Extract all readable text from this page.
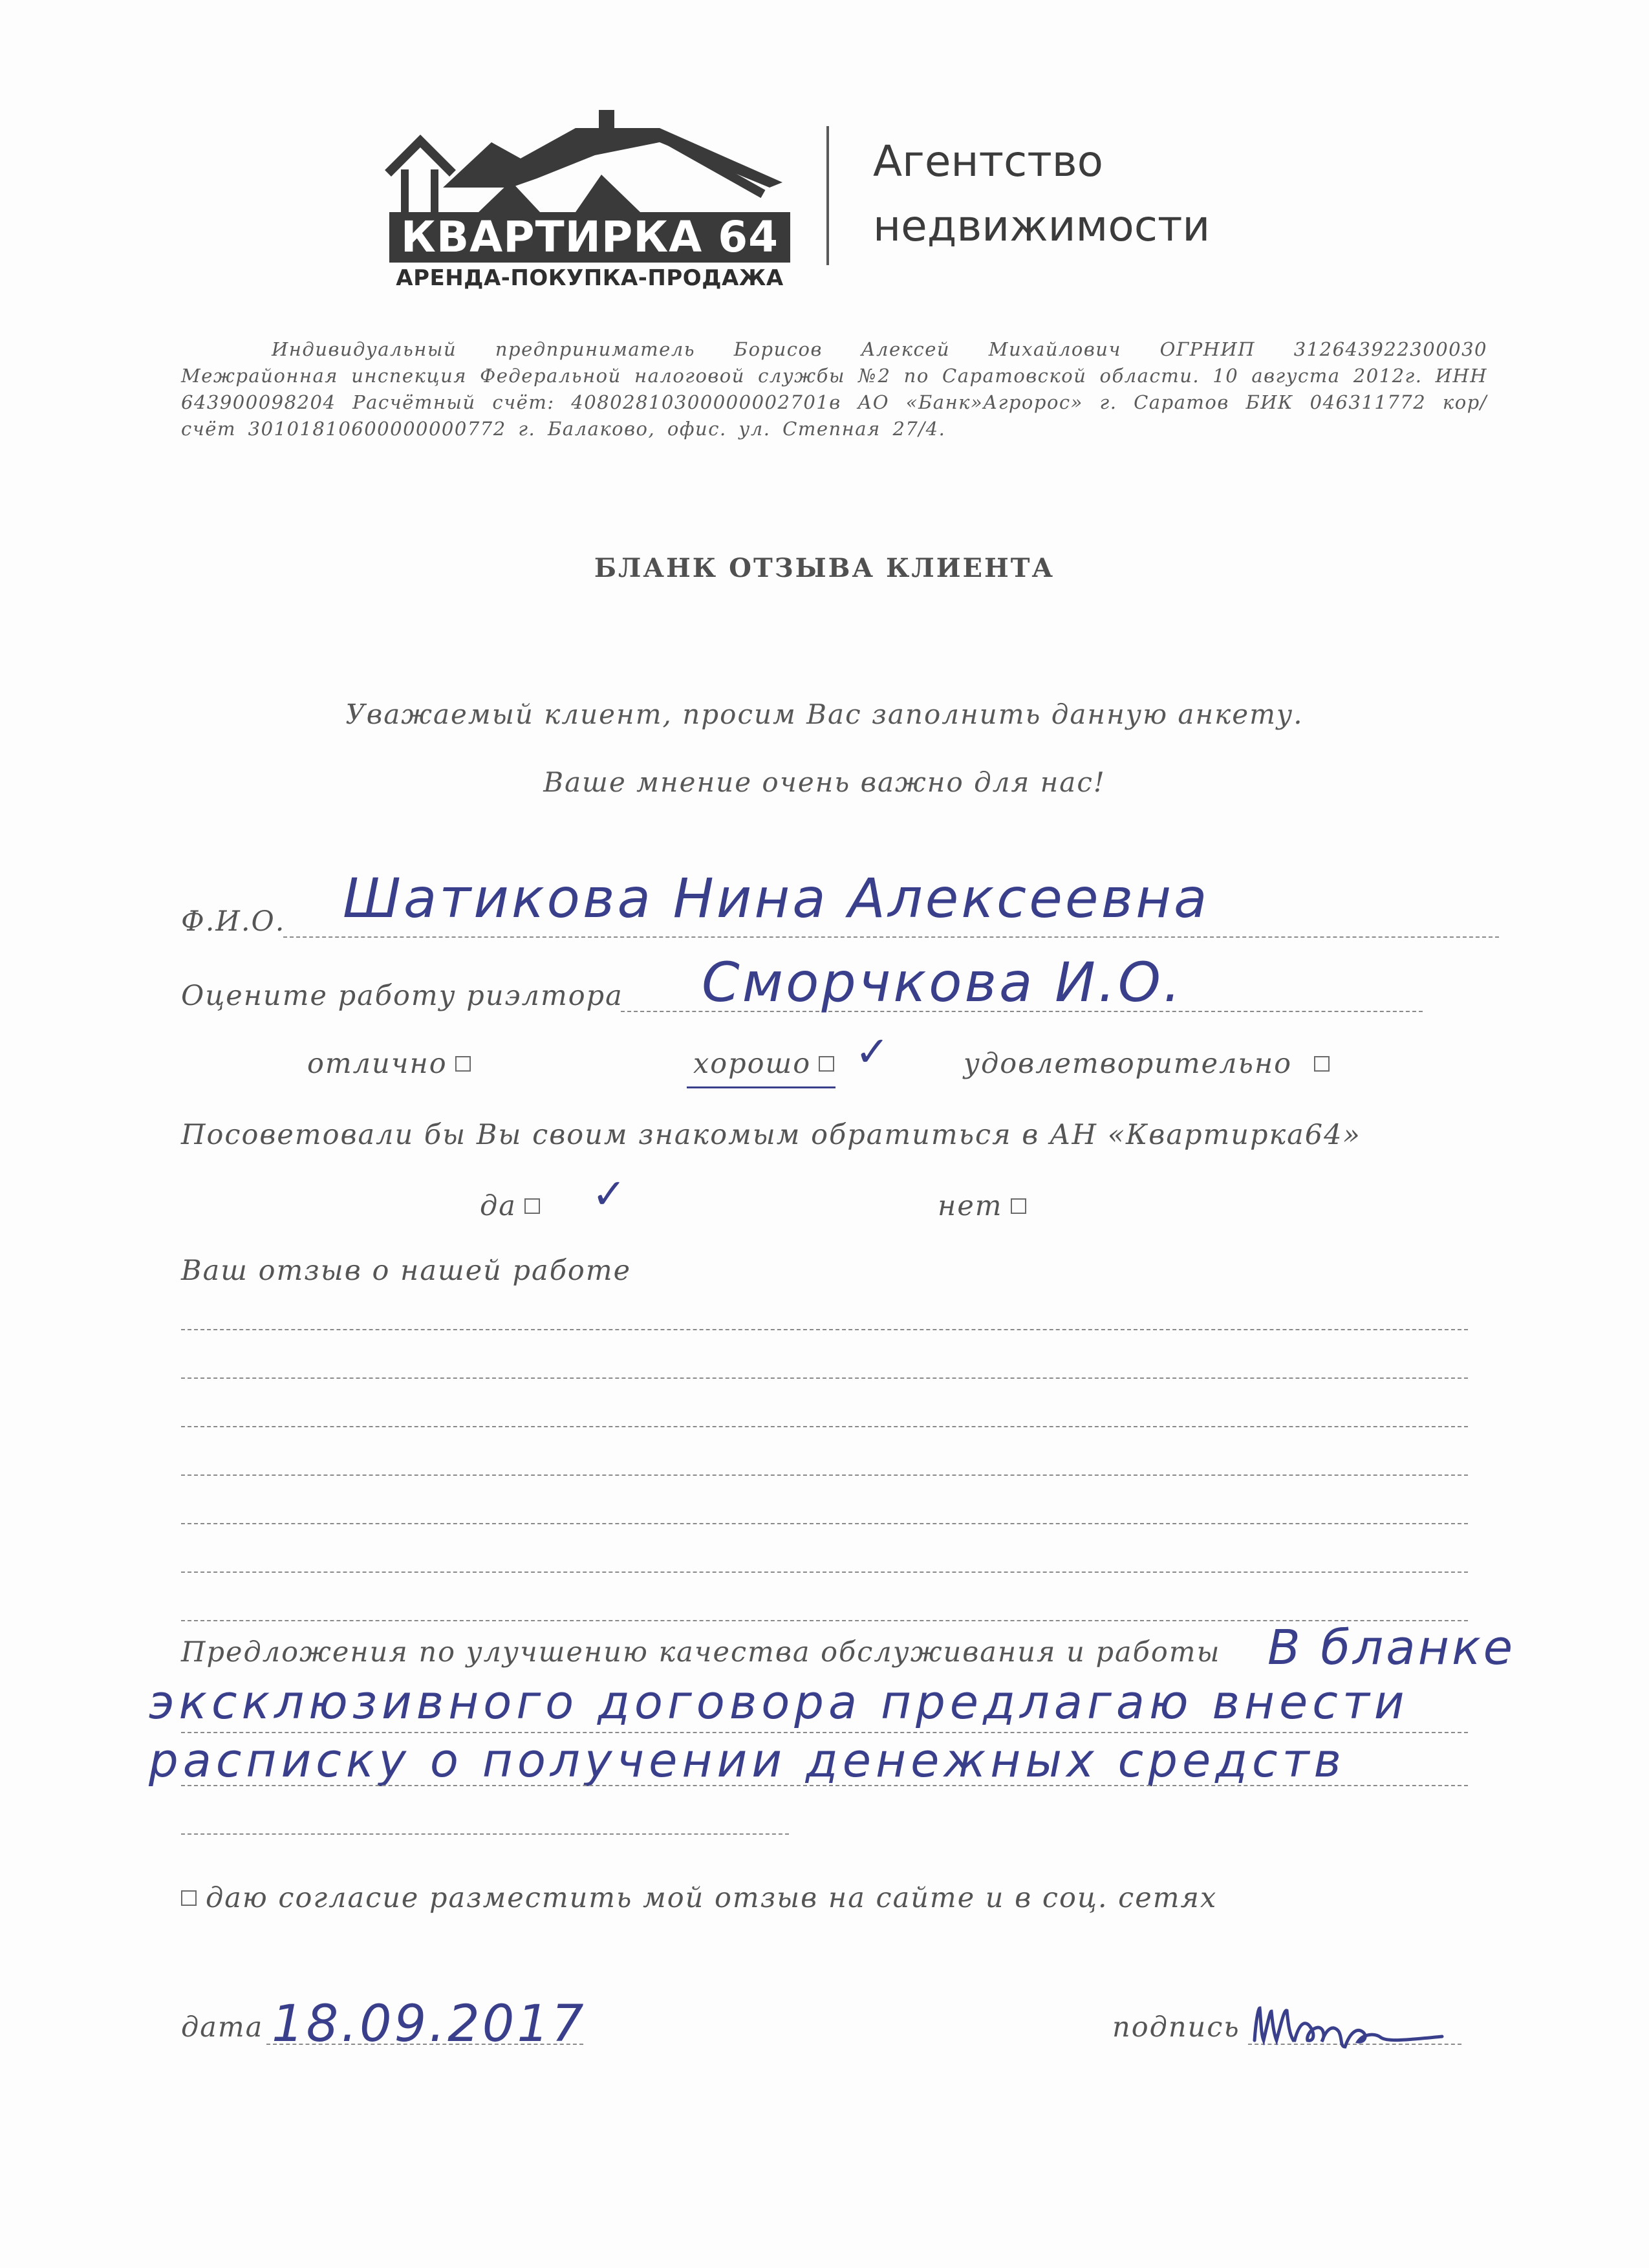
КВАРТИРКА 64
АРЕНДА-ПОКУПКА-ПРОДАЖА
Агентство
недвижимости
Индивидуальный предприниматель Борисов Алексей Михайлович ОГРНИП 312643922300030 Межрайонная инспекция Федеральной налоговой службы №2 по Саратовской области. 10 августа 2012г. ИНН 643900098204 Расчётный счёт: 40802810300000002701в АО «Банк»Агророс» г. Саратов БИК 046311772 кор/счёт 30101810600000000772 г. Балаково, офис. ул. Степная 27/4.
БЛАНК ОТЗЫВА КЛИЕНТА
Уважаемый клиент, просим Вас заполнить данную анкету.
Ваше мнение очень важно для нас!
Ф.И.О. Шатикова Нина Алексеевна
Оцените работу риэлтора Сморчкова И.О.
отлично	хорошо	✓	удовлетворительно
Посоветовали бы Вы своим знакомым обратиться в АН «Квартирка64»
да	✓	нет
Ваш отзыв о нашей работе
Предложения по улучшению качества обслуживания и работы В бланке
эксклюзивного договора предлагаю внести
расписку о получении денежных средств
даю согласие разместить мой отзыв на сайте и в соц. сетях
дата 18.09.2017	подпись
